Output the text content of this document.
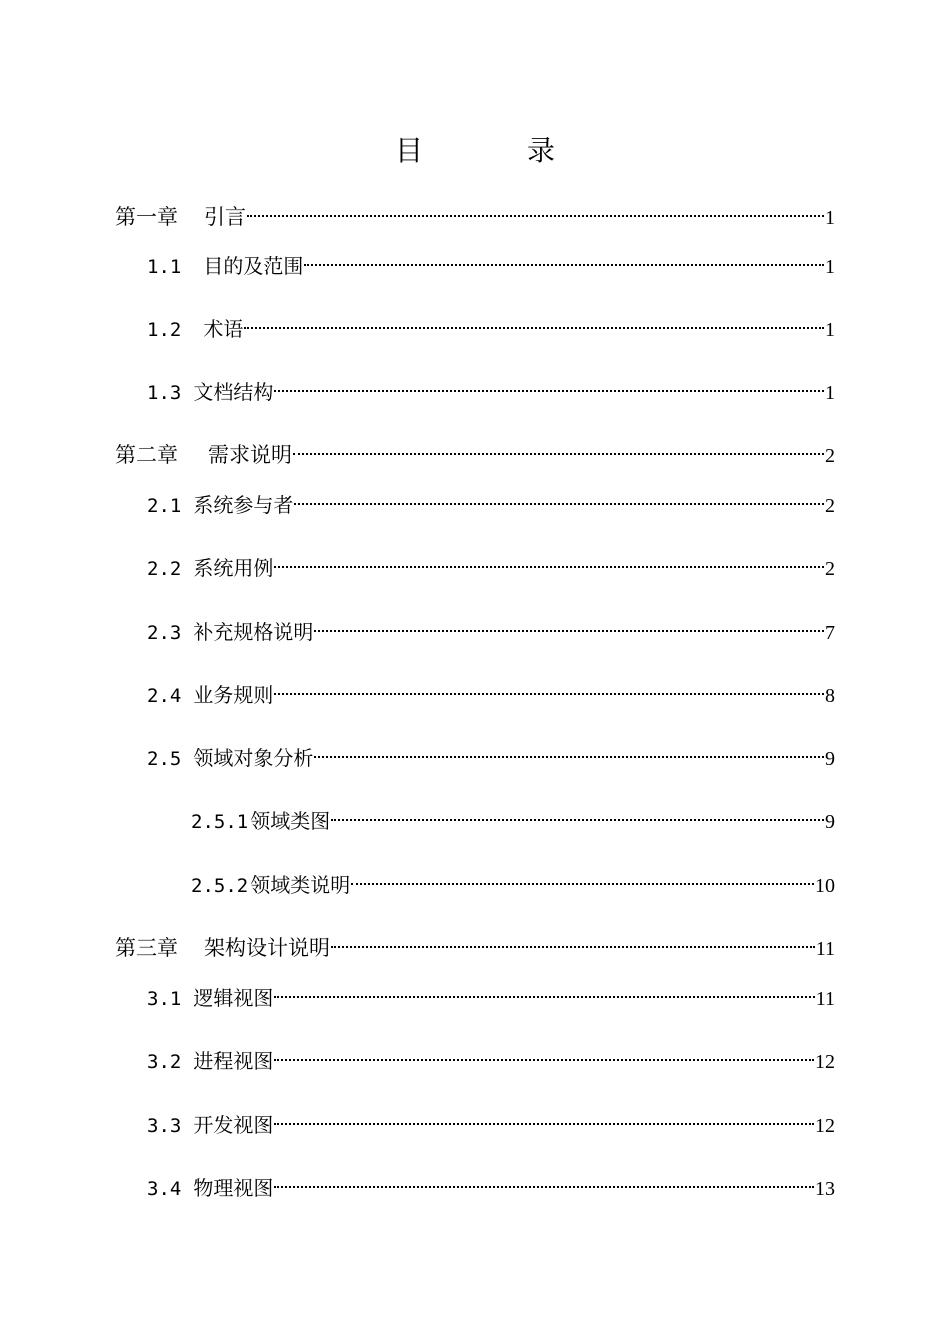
目　录
第一章 引言	1
1.1 目的及范围	1
1.2 术语	1
1.3 文档结构	1
第二章 需求说明	2
2.1 系统参与者	2
2.2 系统用例	2
2.3 补充规格说明	7
2.4 业务规则	8
2.5 领域对象分析	9
2.5.1 领域类图	9
2.5.2 领域类说明	10
第三章 架构设计说明	11
3.1 逻辑视图	11
3.2 进程视图	12
3.3 开发视图	12
3.4 物理视图	13
